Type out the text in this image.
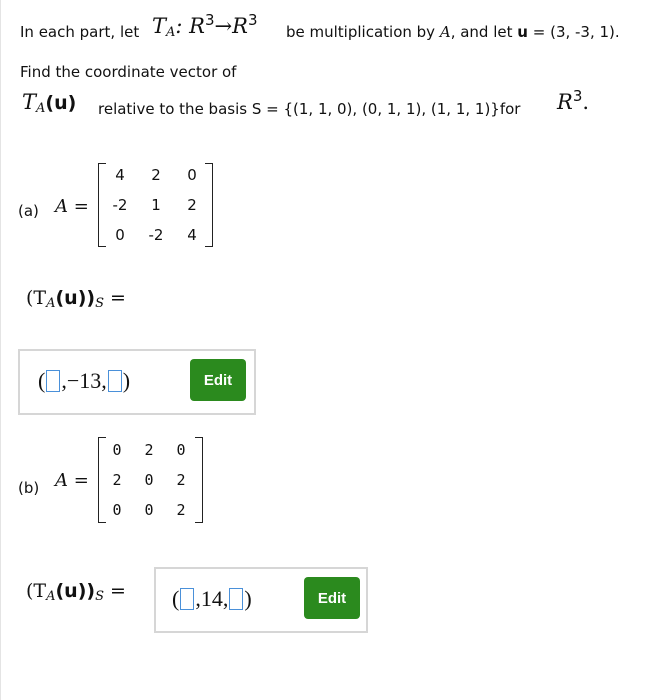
In each part, let TA: $R^3\to R^3$
be multiplication by A, and let u = (3, -3, 1).
Find the coordinate vector of
TA(u) relative to the basis S = {(1, 1, 0), (0, 1, 1), (1, 1, 1)}for $R^3$.
(a) A =
4 2 0
-2 1 2
0 -2 4
(TA(u))S =
( ,−13, )	Edit
(b) A =
0 2 0
2 0 2
0 0 2
(TA(u))S = ( ,14, )	Edit
